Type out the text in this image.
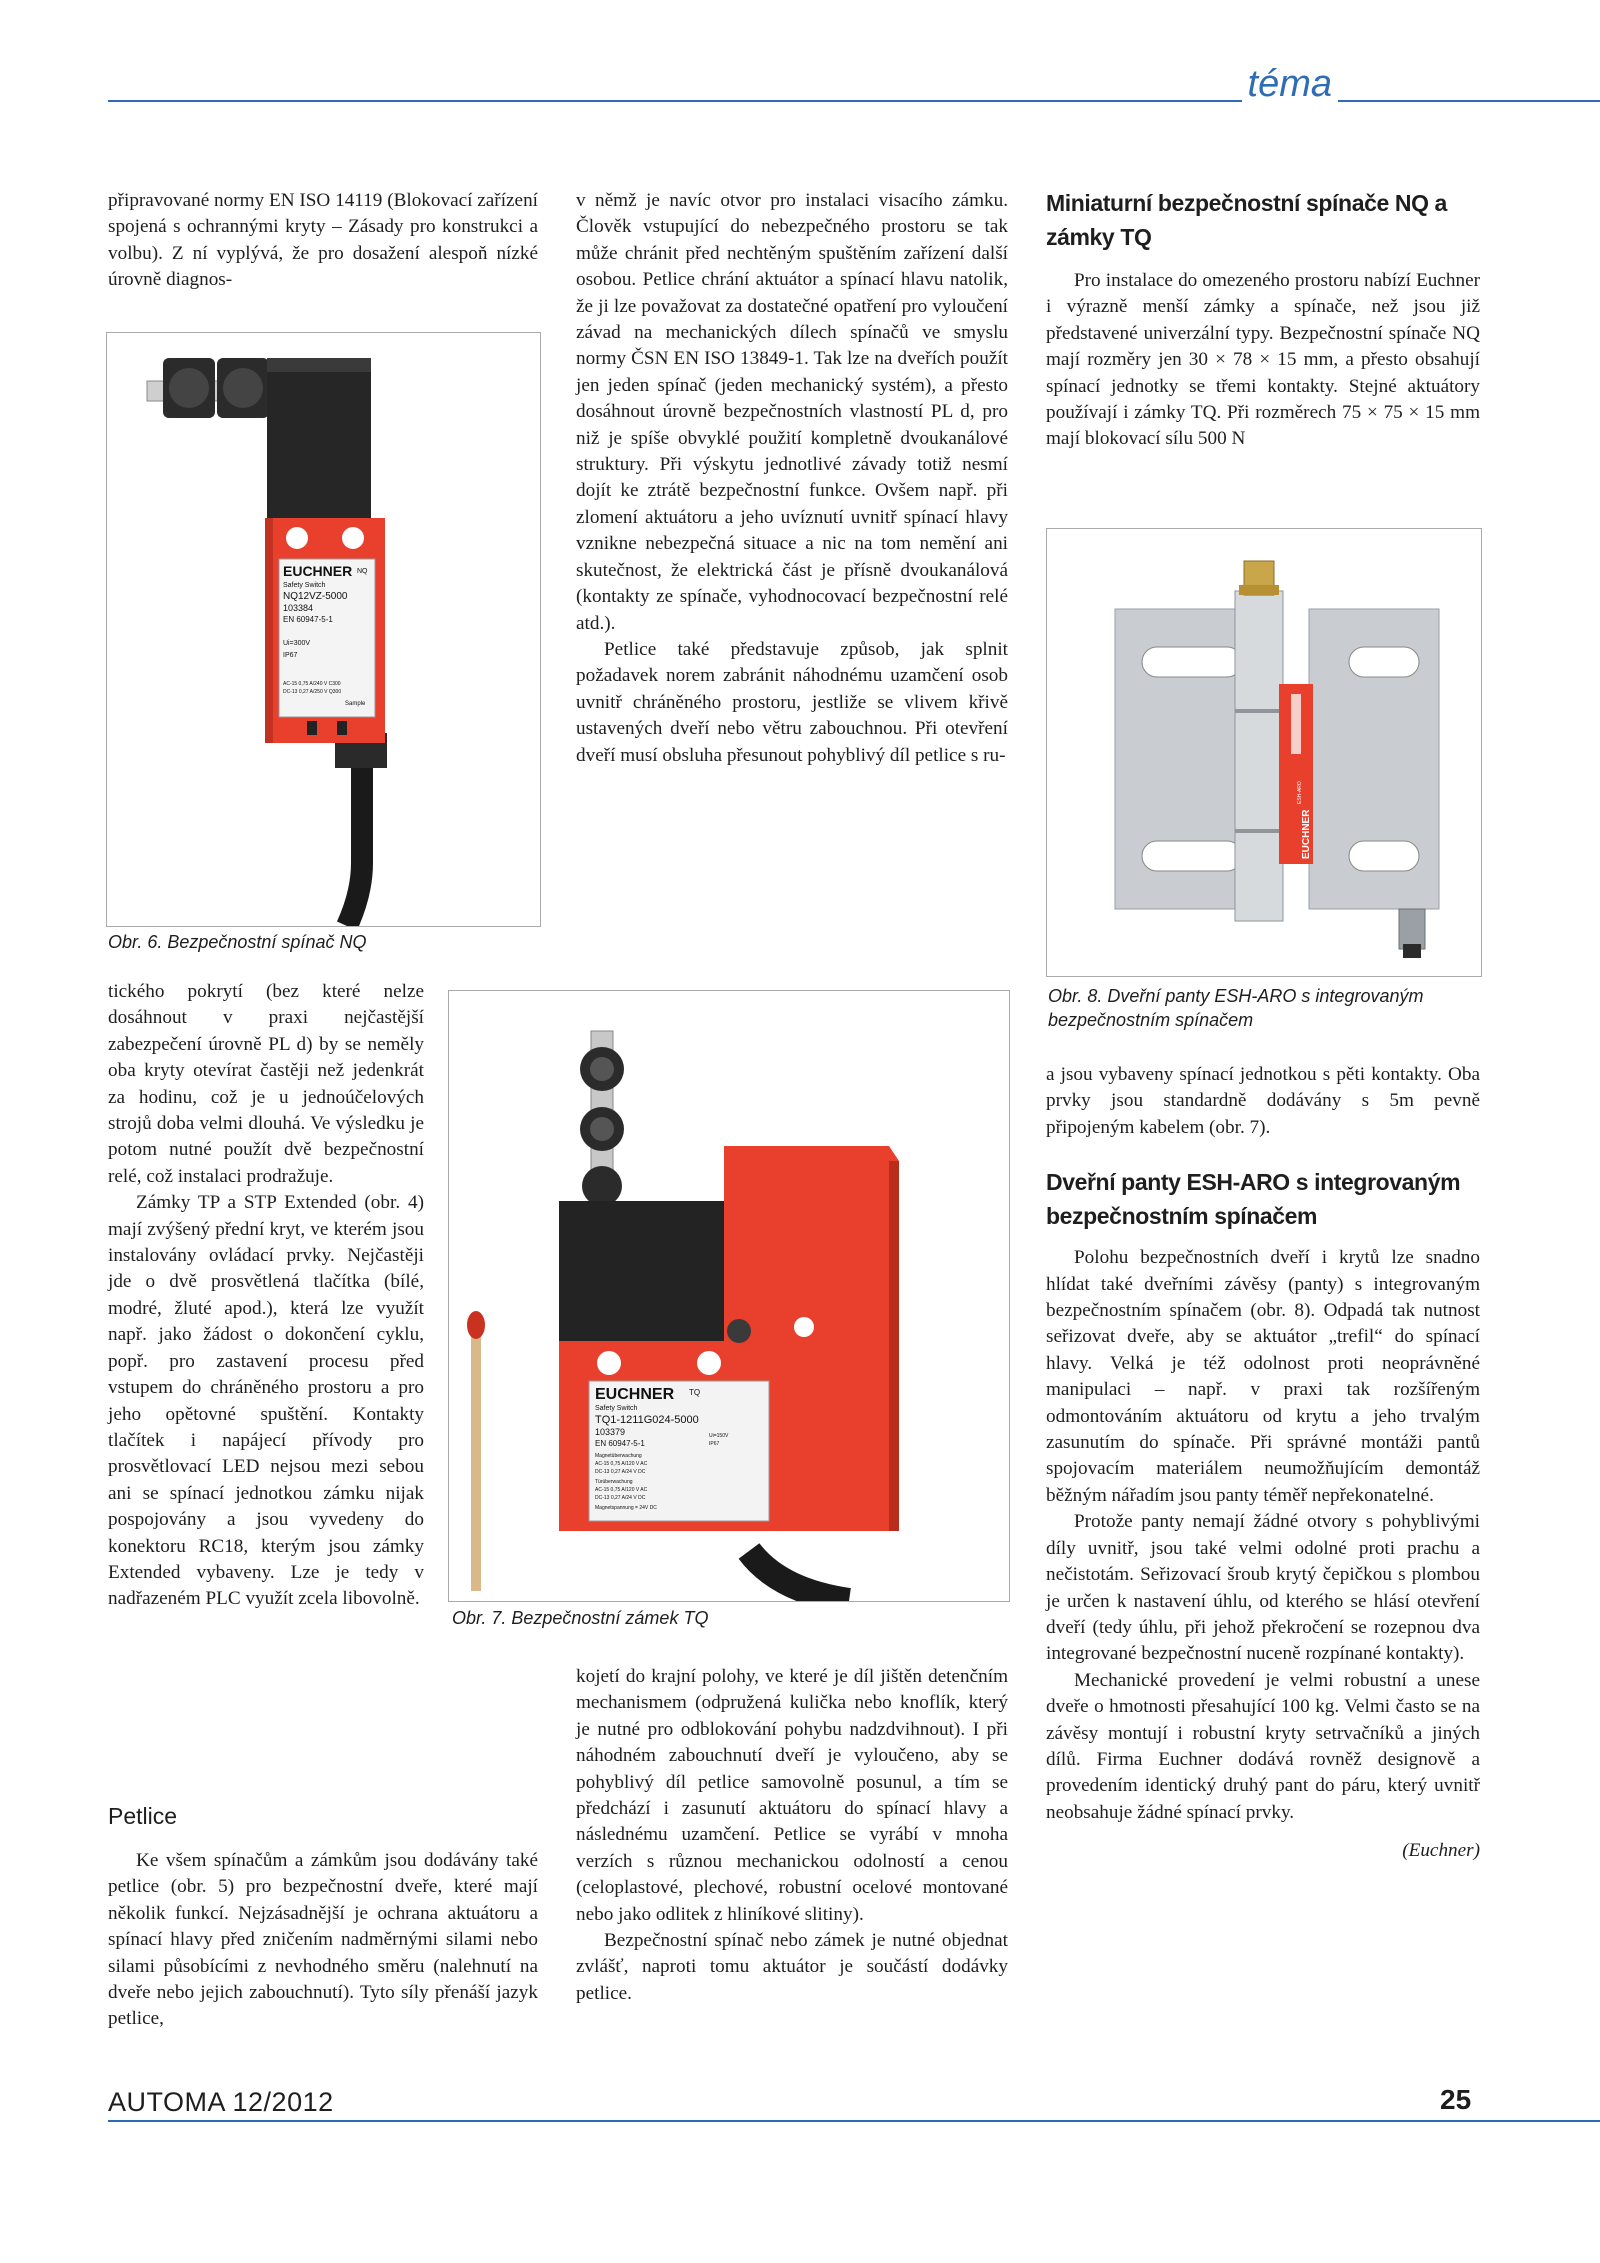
téma

připravované normy EN ISO 14119 (Blokovací zařízení spojená s ochrannými kryty – Zásady pro konstrukci a volbu). Z ní vyplývá, že pro dosažení alespoň nízké úrovně diagnos-

EUCHNER NQ
Safety Switch
NQ12VZ-5000
103384
EN 60947-5-1
Ui=300V
IP67
AC-15 0,75 A/240 V C300
DC-13 0,27 A/250 V Q300
Sample
Obr. 6. Bezpečnostní spínač NQ

tického pokrytí (bez které nelze dosáhnout v praxi nejčastější zabezpečení úrovně PL d) by se neměly oba kryty otevírat častěji než jedenkrát za hodinu, což je u jednoúčelových strojů doba velmi dlouhá. Ve výsledku je potom nutné použít dvě bezpečnostní relé, což instalaci prodražuje.

Zámky TP a STP Extended (obr. 4) mají zvýšený přední kryt, ve kterém jsou instalovány ovládací prvky. Nejčastěji jde o dvě prosvětlená tlačítka (bílé, modré, žluté apod.), která lze využít např. jako žádost o dokončení cyklu, popř. pro zastavení procesu před vstupem do chráněného prostoru a pro jeho opětovné spuštění. Kontakty tlačítek i napájecí přívody pro prosvětlovací LED nejsou mezi sebou ani se spínací jednotkou zámku nijak pospojovány a jsou vyvedeny do konektoru RC18, kterým jsou zámky Extended vybaveny. Lze je tedy v nadřazeném PLC využít zcela libovolně.

Petlice

Ke všem spínačům a zámkům jsou dodávány také petlice (obr. 5) pro bezpečnostní dveře, které mají několik funkcí. Nejzásadnější je ochrana aktuátoru a spínací hlavy před zničením nadměrnými silami nebo silami působícími z nevhodného směru (nalehnutí na dveře nebo jejich zabouchnutí). Tyto síly přenáší jazyk petlice,

v němž je navíc otvor pro instalaci visacího zámku. Člověk vstupující do nebezpečného prostoru se tak může chránit před nechtěným spuštěním zařízení další osobou. Petlice chrání aktuátor a spínací hlavu natolik, že ji lze považovat za dostatečné opatření pro vyloučení závad na mechanických dílech spínačů ve smyslu normy ČSN EN ISO 13849-1. Tak lze na dveřích použít jen jeden spínač (jeden mechanický systém), a přesto dosáhnout úrovně bezpečnostních vlastností PL d, pro niž je spíše obvyklé použití kompletně dvoukanálové struktury. Při výskytu jednotlivé závady totiž nesmí dojít ke ztrátě bezpečnostní funkce. Ovšem např. při zlomení aktuátoru a jeho uvíznutí uvnitř spínací hlavy vznikne nebezpečná situace a nic na tom nemění ani skutečnost, že elektrická část je přísně dvoukanálová (kontakty ze spínače, vyhodnocovací bezpečnostní relé atd.).

Petlice také představuje způsob, jak splnit požadavek norem zabránit náhodnému uzamčení osob uvnitř chráněného prostoru, jestliže se vlivem křivě ustavených dveří nebo větru zabouchnou. Při otevření dveří musí obsluha přesunout pohyblivý díl petlice s ru-

EUCHNER TQ
Safety Switch
TQ1-1211G024-5000
103379
EN 60947-5-1
Ui=150V
IP67
Magnetüberwachung
AC-15 0,75 A/120 V AC
DC-13 0,27 A/24 V DC
Türüberwachung
AC-15 0,75 A/120 V AC
DC-13 0,27 A/24 V DC
Magnetspannung = 24V DC
Obr. 7. Bezpečnostní zámek TQ

kojetí do krajní polohy, ve které je díl jištěn detenčním mechanismem (odpružená kulička nebo knoflík, který je nutné pro odblokování pohybu nadzdvihnout). I při náhodném zabouchnutí dveří je vyloučeno, aby se pohyblivý díl petlice samovolně posunul, a tím se předchází i zasunutí aktuátoru do spínací hlavy a následnému uzamčení. Petlice se vyrábí v mnoha verzích s různou mechanickou odolností a cenou (celoplastové, plechové, robustní ocelové montované nebo jako odlitek z hliníkové slitiny).

Bezpečnostní spínač nebo zámek je nutné objednat zvlášť, naproti tomu aktuátor je součástí dodávky petlice.

Miniaturní bezpečnostní spínače NQ a zámky TQ

Pro instalace do omezeného prostoru nabízí Euchner i výrazně menší zámky a spínače, než jsou již představené univerzální typy. Bezpečnostní spínače NQ mají rozměry jen 30 × 78 × 15 mm, a přesto obsahují spínací jednotky se třemi kontakty. Stejné aktuátory používají i zámky TQ. Při rozměrech 75 × 75 × 15 mm mají blokovací sílu 500 N

EUCHNER
ESH-ARO
Obr. 8. Dveřní panty ESH-ARO s integrovaným bezpečnostním spínačem

a jsou vybaveny spínací jednotkou s pěti kontakty. Oba prvky jsou standardně dodávány s 5m pevně připojeným kabelem (obr. 7).

Dveřní panty ESH-ARO s integrovaným bezpečnostním spínačem

Polohu bezpečnostních dveří i krytů lze snadno hlídat také dveřními závěsy (panty) s integrovaným bezpečnostním spínačem (obr. 8). Odpadá tak nutnost seřizovat dveře, aby se aktuátor „trefil“ do spínací hlavy. Velká je též odolnost proti neoprávněné manipulaci – např. v praxi tak rozšířeným odmontováním aktuátoru od krytu a jeho trvalým zasunutím do spínače. Při správné montáži pantů spojovacím materiálem neumožňujícím demontáž běžným nářadím jsou panty téměř nepřekonatelné.

Protože panty nemají žádné otvory s pohyblivými díly uvnitř, jsou také velmi odolné proti prachu a nečistotám. Seřizovací šroub krytý čepičkou s plombou je určen k nastavení úhlu, od kterého se hlásí otevření dveří (tedy úhlu, při jehož překročení se rozepnou dva integrované bezpečnostní nuceně rozpínané kontakty).

Mechanické provedení je velmi robustní a unese dveře o hmotnosti přesahující 100 kg. Velmi často se na závěsy montují i robustní kryty setrvačníků a jiných dílů. Firma Euchner dodává rovněž designově a provedením identický druhý pant do páru, který uvnitř neobsahuje žádné spínací prvky.

(Euchner)

AUTOMA 12/2012	25
